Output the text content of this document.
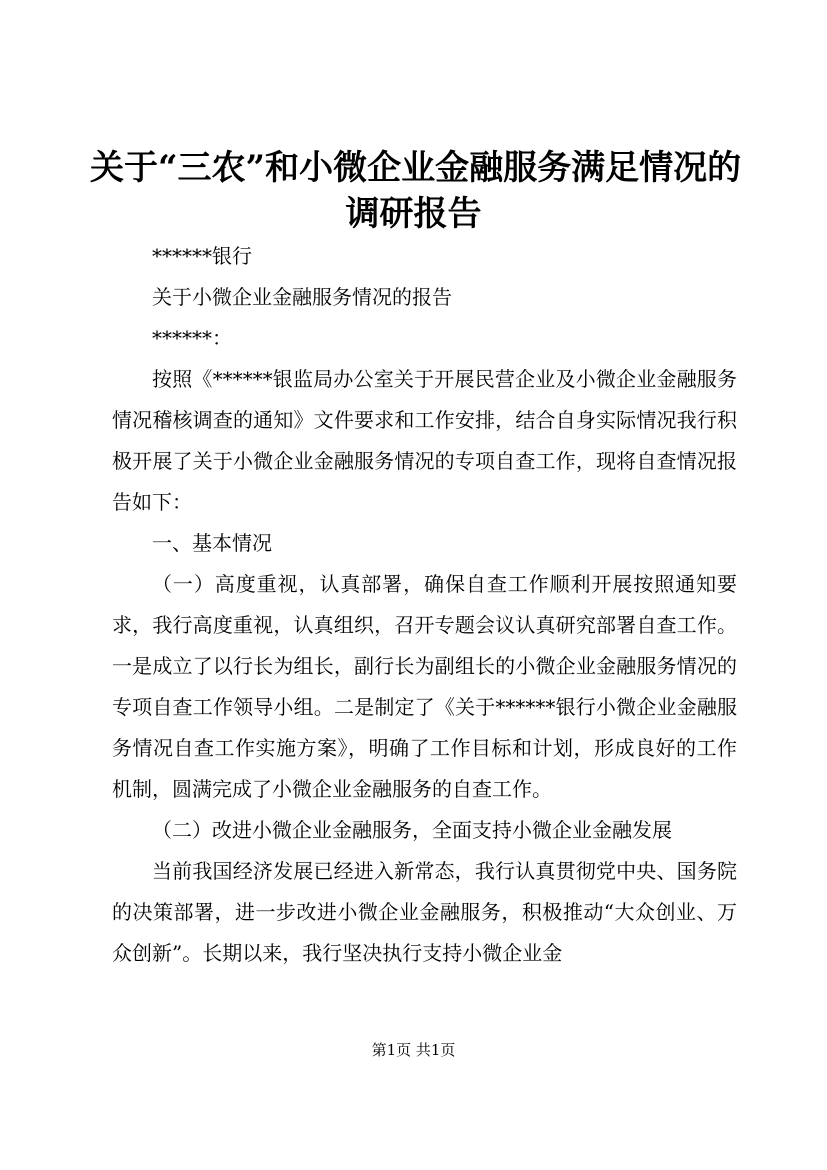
关于“三农”和小微企业金融服务满足情况的
调研报告

******银行

关于小微企业金融服务情况的报告

******：

按照《******银监局办公室关于开展民营企业及小微企业金融服务情况稽核调查的通知》文件要求和工作安排，结合自身实际情况我行积极开展了关于小微企业金融服务情况的专项自查工作，现将自查情况报告如下：

一、基本情况

（一）高度重视，认真部署，确保自查工作顺利开展按照通知要求，我行高度重视，认真组织，召开专题会议认真研究部署自查工作。一是成立了以行长为组长，副行长为副组长的小微企业金融服务情况的专项自查工作领导小组。二是制定了《关于******银行小微企业金融服务情况自查工作实施方案》，明确了工作目标和计划，形成良好的工作机制，圆满完成了小微企业金融服务的自查工作。

（二）改进小微企业金融服务，全面支持小微企业金融发展

当前我国经济发展已经进入新常态，我行认真贯彻党中央、国务院的决策部署，进一步改进小微企业金融服务，积极推动“大众创业、万众创新”。长期以来，我行坚决执行支持小微企业金

第1页 共1页
